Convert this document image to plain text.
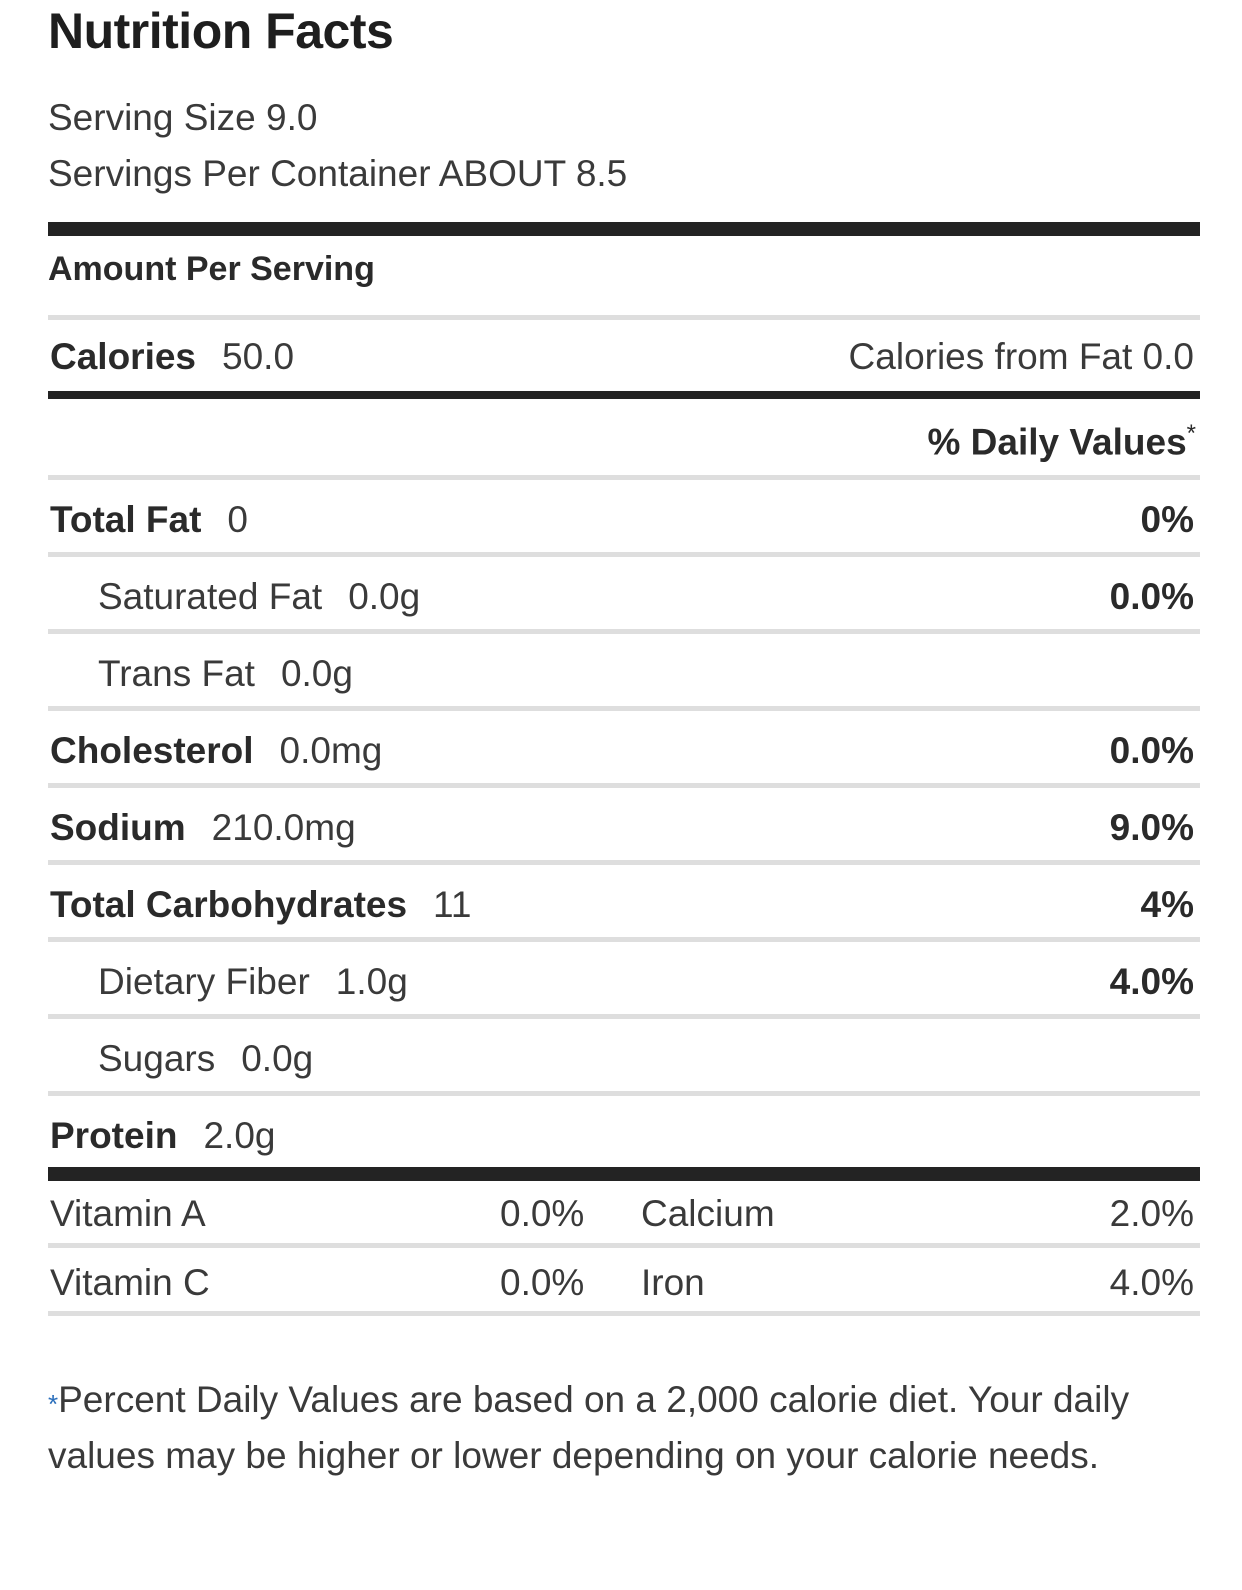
Nutrition Facts
Serving Size 9.0
Servings Per Container ABOUT 8.5
Amount Per Serving
Calories 50.0	Calories from Fat 0.0
% Daily Values*
Total Fat 0	0%
Saturated Fat 0.0g	0.0%
Trans Fat 0.0g
Cholesterol 0.0mg	0.0%
Sodium 210.0mg	9.0%
Total Carbohydrates 11	4%
Dietary Fiber 1.0g	4.0%
Sugars 0.0g
Protein 2.0g
Vitamin A	0.0% Calcium	2.0%
Vitamin C	0.0% Iron	4.0%
*Percent Daily Values are based on a 2,000 calorie diet. Your daily values may be higher or lower depending on your calorie needs.
